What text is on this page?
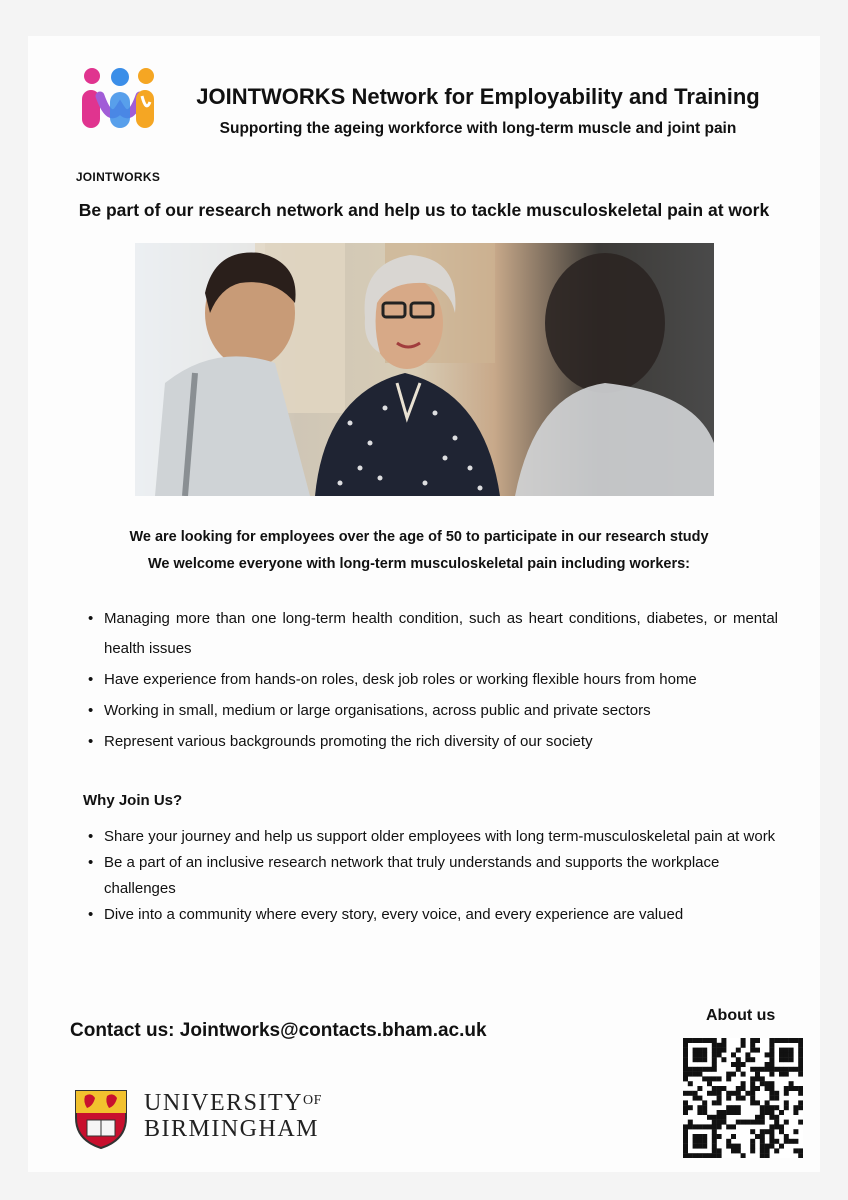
JOINTWORKS
JOINTWORKS Network for Employability and Training
Supporting the ageing workforce with long-term muscle and joint pain
Be part of our research network and help us to tackle musculoskeletal pain at work
We are looking for employees over the age of 50 to participate in our research study
We welcome everyone with long-term musculoskeletal pain including workers:
• Managing more than one long-term health condition, such as heart conditions, diabetes, or mental health issues
• Have experience from hands-on roles, desk job roles or working flexible hours from home
• Working in small, medium or large organisations, across public and private sectors
• Represent various backgrounds promoting the rich diversity of our society
Why Join Us?
• Share your journey and help us support older employees with long term-musculoskeletal pain at work
• Be a part of an inclusive research network that truly understands and supports the workplace challenges
• Dive into a community where every story, every voice, and every experience are valued
Contact us: Jointworks@contacts.bham.ac.uk
About us
$UNIVERSITY^{OF}$
BIRMINGHAM
